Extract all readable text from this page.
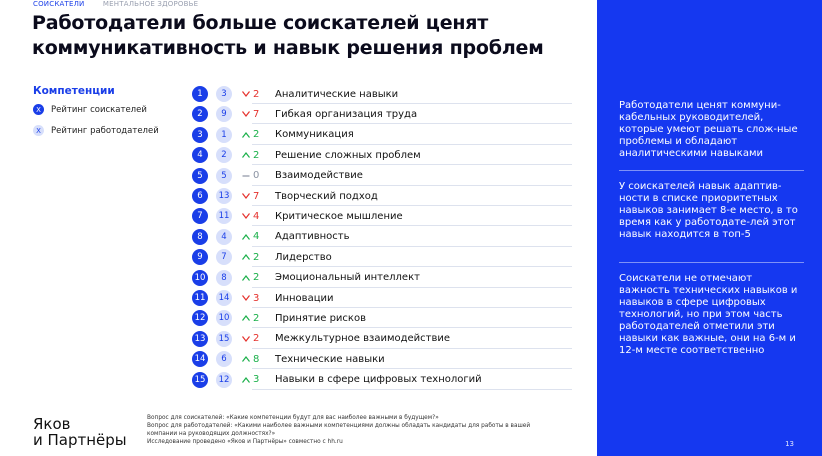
СОИСКАТЕЛИ	МЕНТАЛЬНОЕ ЗДОРОВЬЕ
Работодатели больше соискателей ценят коммуникативность и навык решения проблем
Компетенции
X	Рейтинг соискателей
X	Рейтинг работодателей
1	3	2 Аналитические навыки
2	9	7 Гибкая организация труда
3	1	2 Коммуникация
4	2	2 Решение сложных проблем
5	5	0 Взаимодействие
6	13 7 Творческий подход
7	11 4 Критическое мышление
8	4	4 Адаптивность
9	7	2 Лидерство
10	8	2 Эмоциональный интеллект
11	14 3 Инновации
12	10 2 Принятие рисков
13	15 2 Межкультурное взаимодействие
14	6	8 Технические навыки
15	12 3 Навыки в сфере цифровых технологий
Яков
и Партнёры
Вопрос для соискателей: «Какие компетенции будут для вас наиболее важными в будущем?»
Вопрос для работодателей: «Какими наиболее важными компетенциями должны обладать кандидаты для работы в вашей компании на руководящих должностях?»
Исследование проведено «Яков и Партнёры» совместно с hh.ru
Работодатели ценят коммуни-кабельных руководителей, которые умеют решать слож-ные проблемы и обладают аналитическими навыками
У соискателей навык адаптив-ности в списке приоритетных навыков занимает 8-е место, в то время как у работодате-лей этот навык находится в топ-5
Соискатели не отмечают важность технических навыков и навыков в сфере цифровых технологий, но при этом часть работодателей отметили эти навыки как важные, они на 6-м и 12-м месте соответственно
13
